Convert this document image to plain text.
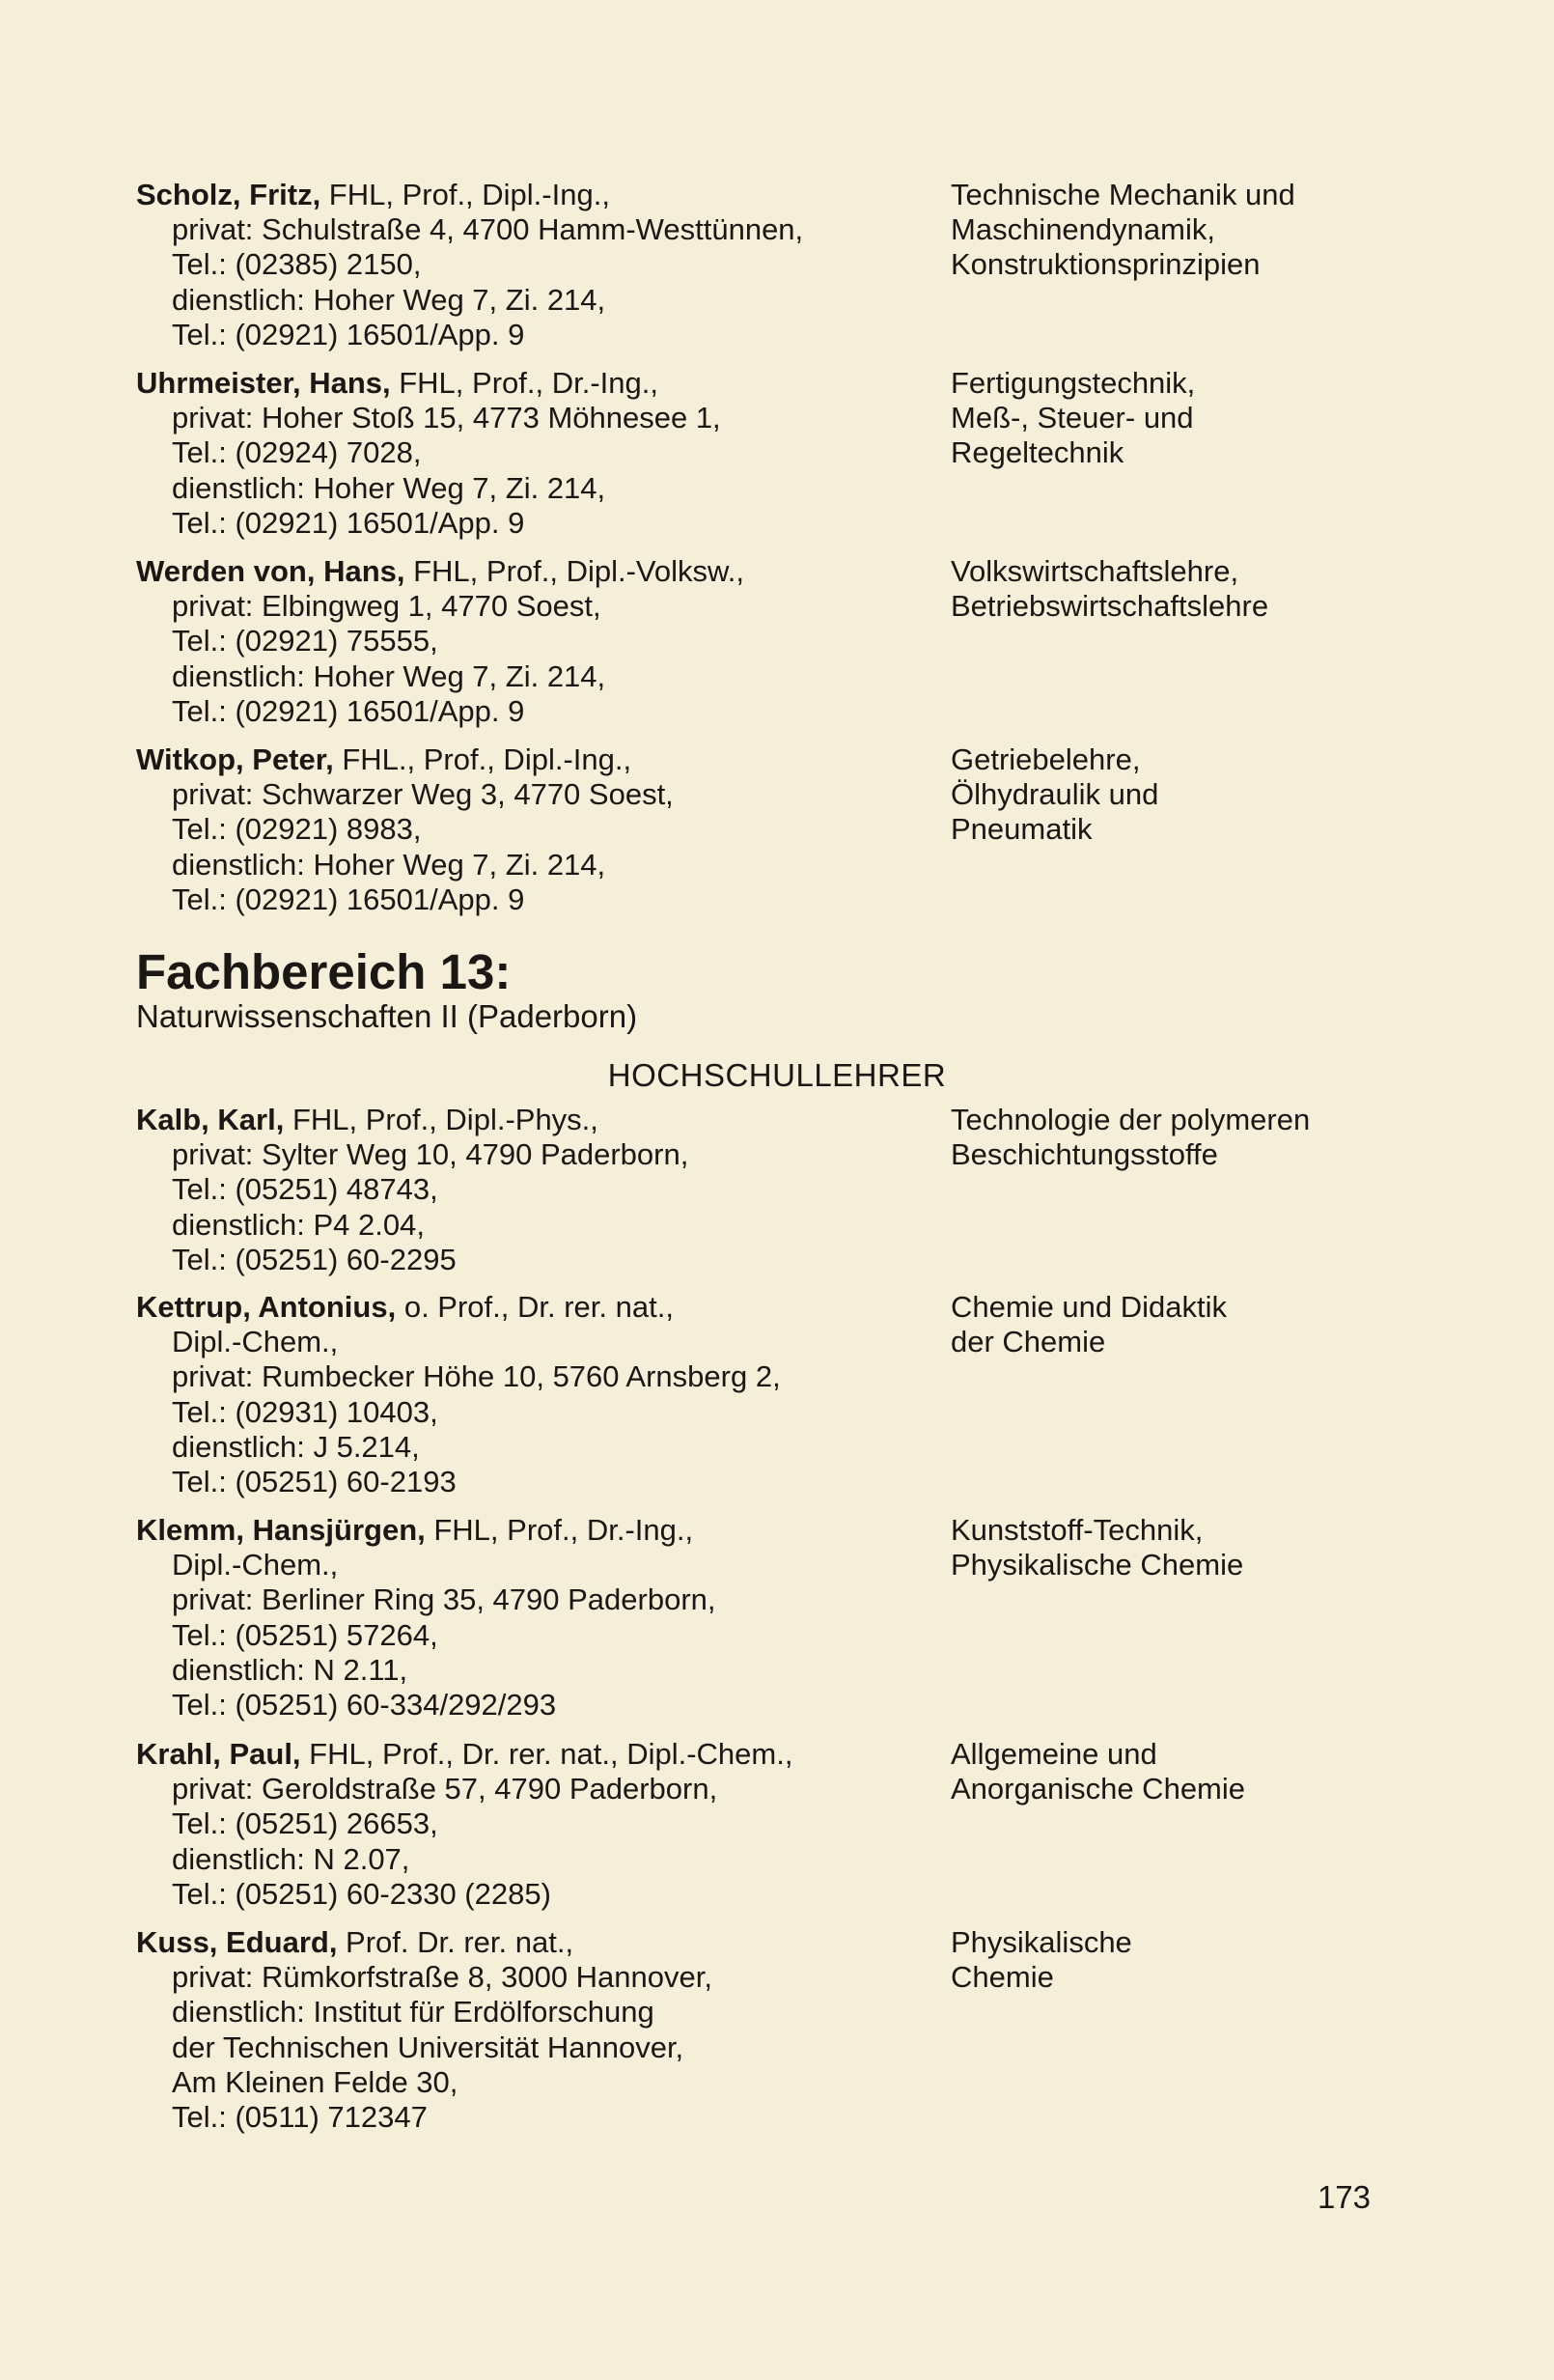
Scholz, Fritz, FHL, Prof., Dipl.-Ing.,
privat: Schulstraße 4, 4700 Hamm-Westtünnen,
Tel.: (02385) 2150,
dienstlich: Hoher Weg 7, Zi. 214,
Tel.: (02921) 16501/App. 9
Technische Mechanik und
Maschinendynamik,
Konstruktionsprinzipien
Uhrmeister, Hans, FHL, Prof., Dr.-Ing.,
privat: Hoher Stoß 15, 4773 Möhnesee 1,
Tel.: (02924) 7028,
dienstlich: Hoher Weg 7, Zi. 214,
Tel.: (02921) 16501/App. 9
Fertigungstechnik,
Meß-, Steuer- und
Regeltechnik
Werden von, Hans, FHL, Prof., Dipl.-Volksw.,
privat: Elbingweg 1, 4770 Soest,
Tel.: (02921) 75555,
dienstlich: Hoher Weg 7, Zi. 214,
Tel.: (02921) 16501/App. 9
Volkswirtschaftslehre,
Betriebswirtschaftslehre
Witkop, Peter, FHL., Prof., Dipl.-Ing.,
privat: Schwarzer Weg 3, 4770 Soest,
Tel.: (02921) 8983,
dienstlich: Hoher Weg 7, Zi. 214,
Tel.: (02921) 16501/App. 9
Getriebelehre,
Ölhydraulik und
Pneumatik
Fachbereich 13:
Naturwissenschaften II (Paderborn)
HOCHSCHULLEHRER
Kalb, Karl, FHL, Prof., Dipl.-Phys.,
privat: Sylter Weg 10, 4790 Paderborn,
Tel.: (05251) 48743,
dienstlich: P4 2.04,
Tel.: (05251) 60-2295
Technologie der polymeren
Beschichtungsstoffe
Kettrup, Antonius, o. Prof., Dr. rer. nat.,
Dipl.-Chem.,
privat: Rumbecker Höhe 10, 5760 Arnsberg 2,
Tel.: (02931) 10403,
dienstlich: J 5.214,
Tel.: (05251) 60-2193
Chemie und Didaktik
der Chemie
Klemm, Hansjürgen, FHL, Prof., Dr.-Ing.,
Dipl.-Chem.,
privat: Berliner Ring 35, 4790 Paderborn,
Tel.: (05251) 57264,
dienstlich: N 2.11,
Tel.: (05251) 60-334/292/293
Kunststoff-Technik,
Physikalische Chemie
Krahl, Paul, FHL, Prof., Dr. rer. nat., Dipl.-Chem.,
privat: Geroldstraße 57, 4790 Paderborn,
Tel.: (05251) 26653,
dienstlich: N 2.07,
Tel.: (05251) 60-2330 (2285)
Allgemeine und
Anorganische Chemie
Kuss, Eduard, Prof. Dr. rer. nat.,
privat: Rümkorfstraße 8, 3000 Hannover,
dienstlich: Institut für Erdölforschung
der Technischen Universität Hannover,
Am Kleinen Felde 30,
Tel.: (0511) 712347
Physikalische
Chemie
173
